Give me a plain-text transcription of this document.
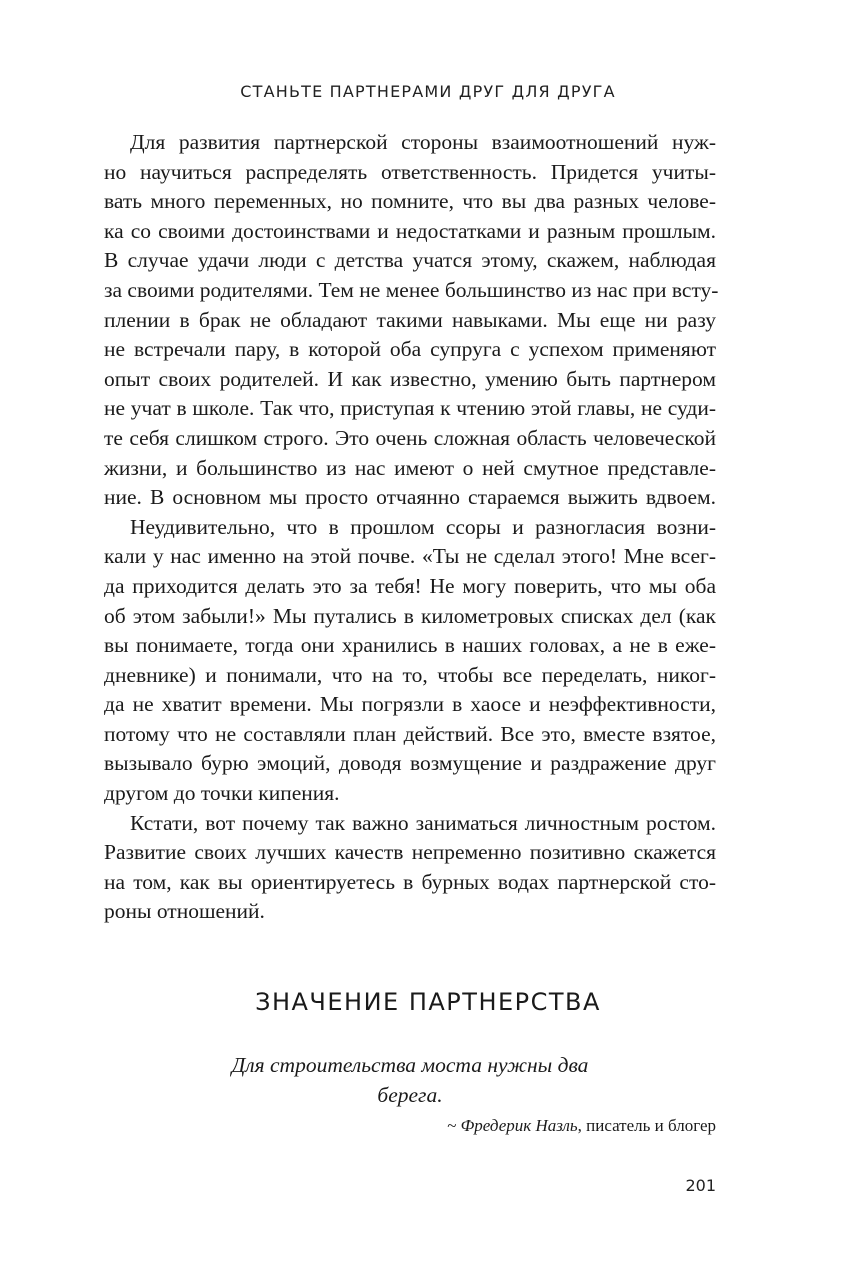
СТАНЬТЕ ПАРТНЕРАМИ ДРУГ ДЛЯ ДРУГА

Для развития партнерской стороны взаимоотношений нуж-
но научиться распределять ответственность. Придется учиты-
вать много переменных, но помните, что вы два разных челове-
ка со своими достоинствами и недостатками и разным прошлым.
В случае удачи люди с детства учатся этому, скажем, наблюдая
за своими родителями. Тем не менее большинство из нас при всту-
плении в брак не обладают такими навыками. Мы еще ни разу
не встречали пару, в которой оба супруга с успехом применяют
опыт своих родителей. И как известно, умению быть партнером
не учат в школе. Так что, приступая к чтению этой главы, не суди-
те себя слишком строго. Это очень сложная область человеческой
жизни, и большинство из нас имеют о ней смутное представле-
ние. В основном мы просто отчаянно стараемся выжить вдвоем.

Неудивительно, что в прошлом ссоры и разногласия возни-
кали у нас именно на этой почве. «Ты не сделал этого! Мне всег-
да приходится делать это за тебя! Не могу поверить, что мы оба
об этом забыли!» Мы путались в километровых списках дел (как
вы понимаете, тогда они хранились в наших головах, а не в еже-
дневнике) и понимали, что на то, чтобы все переделать, никог-
да не хватит времени. Мы погрязли в хаосе и неэффективности,
потому что не составляли план действий. Все это, вместе взятое,
вызывало бурю эмоций, доводя возмущение и раздражение друг
другом до точки кипения.

Кстати, вот почему так важно заниматься личностным ростом.
Развитие своих лучших качеств непременно позитивно скажется
на том, как вы ориентируетесь в бурных водах партнерской сто-
роны отношений.

ЗНАЧЕНИЕ ПАРТНЕРСТВА
Для строительства моста нужны два
берега.
~ Фредерик Назль, писатель и блогер
201
